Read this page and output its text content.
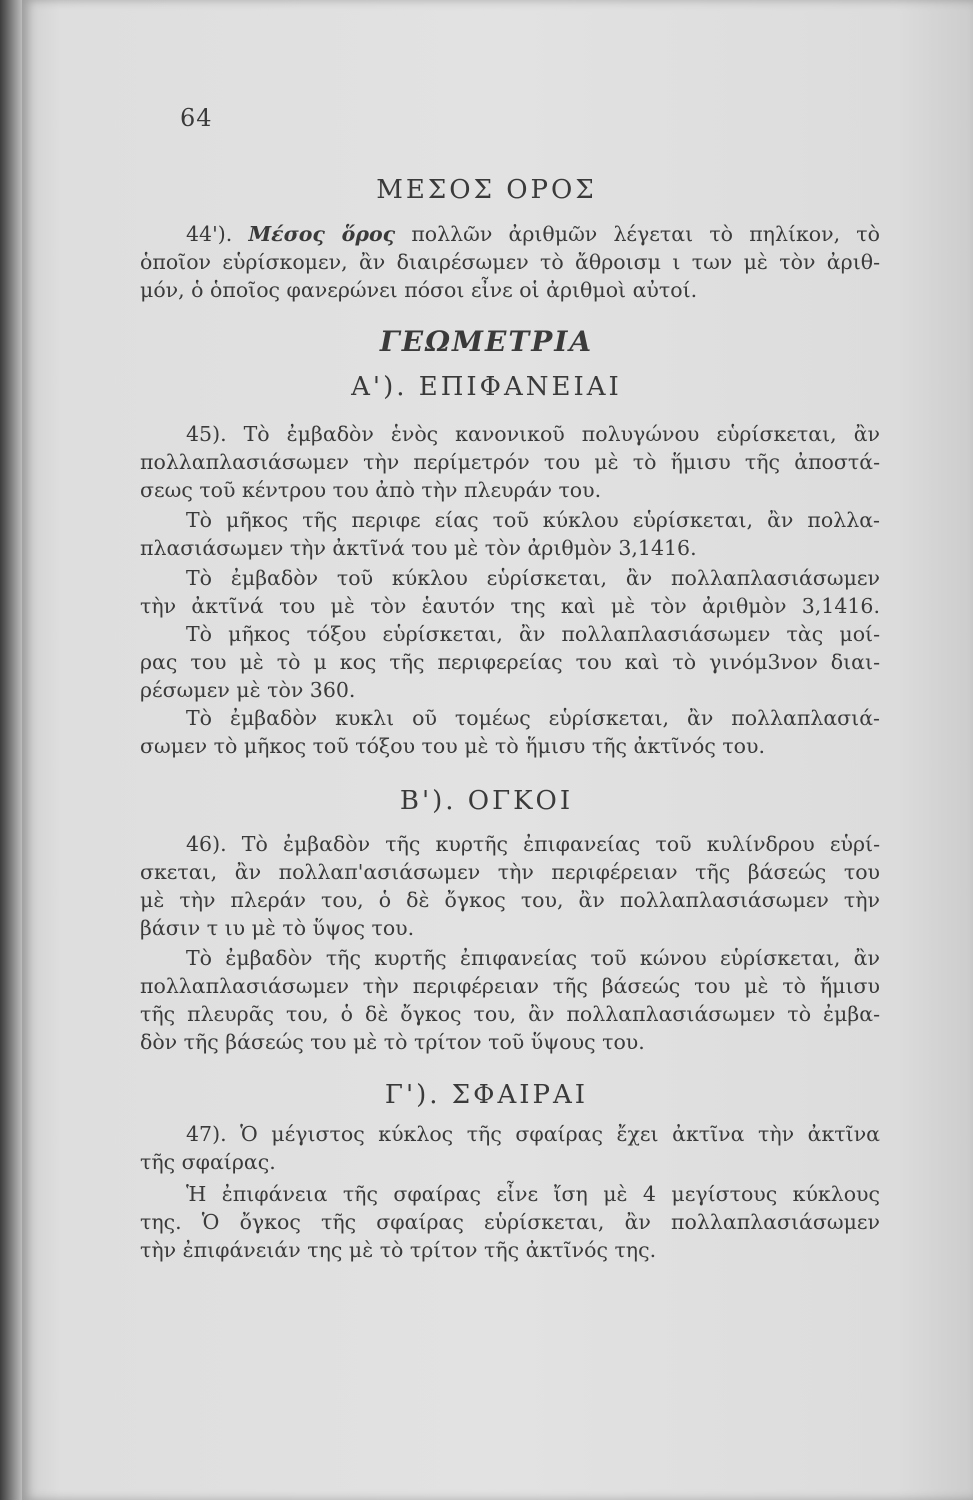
64
ΜΕΣΟΣ ΟΡΟΣ
44'). Μέσος ὅρος πολλῶν ἀριθμῶν λέγεται τὸ πηλίκον, τὸ
ὁποῖον εὑρίσκομεν, ἂν διαιρέσωμεν τὸ ἄθροισμ ι των μὲ τὸν ἀριθ-
μόν, ὁ ὁποῖος φανερώνει πόσοι εἶνε οἱ ἀριθμοὶ αὐτοί.
ΓΕΩΜΕΤΡΙΑ
Α'). ΕΠΙΦΑΝΕΙΑΙ
45). Τὸ ἐμβαδὸν ἑνὸς κανονικοῦ πολυγώνου εὑρίσκεται, ἂν
πολλαπλασιάσωμεν τὴν περίμετρόν του μὲ τὸ ἥμισυ τῆς ἀποστά-
σεως τοῦ κέντρου του ἀπὸ τὴν πλευράν του.
Τὸ μῆκος τῆς περιφε είας τοῦ κύκλου εὑρίσκεται, ἂν πολλα-
πλασιάσωμεν τὴν ἀκτῖνά του μὲ τὸν ἀριθμὸν 3,1416.
Τὸ ἐμβαδὸν τοῦ κύκλου εὑρίσκεται, ἂν πολλαπλασιάσωμεν
τὴν ἀκτῖνά του μὲ τὸν ἑαυτόν της καὶ μὲ τὸν ἀριθμὸν 3,1416.
Τὸ μῆκος τόξου εὑρίσκεται, ἂν πολλαπλασιάσωμεν τὰς μοί-
ρας του μὲ τὸ μ κος τῆς περιφερείας του καὶ τὸ γινόμ3νον διαι-
ρέσωμεν μὲ τὸν 360.
Τὸ ἐμβαδὸν κυκλι οῦ τομέως εὑρίσκεται, ἂν πολλαπλασιά-
σωμεν τὸ μῆκος τοῦ τόξου του μὲ τὸ ἥμισυ τῆς ἀκτῖνός του.
Β'). ΟΓΚΟΙ
46). Τὸ ἐμβαδὸν τῆς κυρτῆς ἐπιφανείας τοῦ κυλίνδρου εὑρί-
σκεται, ἂν πολλαπ'ασιάσωμεν τὴν περιφέρειαν τῆς βάσεώς του
μὲ τὴν πλεράν του, ὁ δὲ ὄγκος του, ἂν πολλαπλασιάσωμεν τὴν
βάσιν τ ιυ μὲ τὸ ὕψος του.
Τὸ ἐμβαδὸν τῆς κυρτῆς ἐπιφανείας τοῦ κώνου εὑρίσκεται, ἂν
πολλαπλασιάσωμεν τὴν περιφέρειαν τῆς βάσεώς του μὲ τὸ ἥμισυ
τῆς πλευρᾶς του, ὁ δὲ ὄγκος του, ἂν πολλαπλασιάσωμεν τὸ ἐμβα-
δὸν τῆς βάσεώς του μὲ τὸ τρίτον τοῦ ὕψους του.
Γ'). ΣΦΑΙΡΑΙ
47). Ὁ μέγιστος κύκλος τῆς σφαίρας ἔχει ἀκτῖνα τὴν ἀκτῖνα
τῆς σφαίρας.
Ἡ ἐπιφάνεια τῆς σφαίρας εἶνε ἴση μὲ 4 μεγίστους κύκλους
της. Ὁ ὄγκος τῆς σφαίρας εὑρίσκεται, ἂν πολλαπλασιάσωμεν
τὴν ἐπιφάνειάν της μὲ τὸ τρίτον τῆς ἀκτῖνός της.
